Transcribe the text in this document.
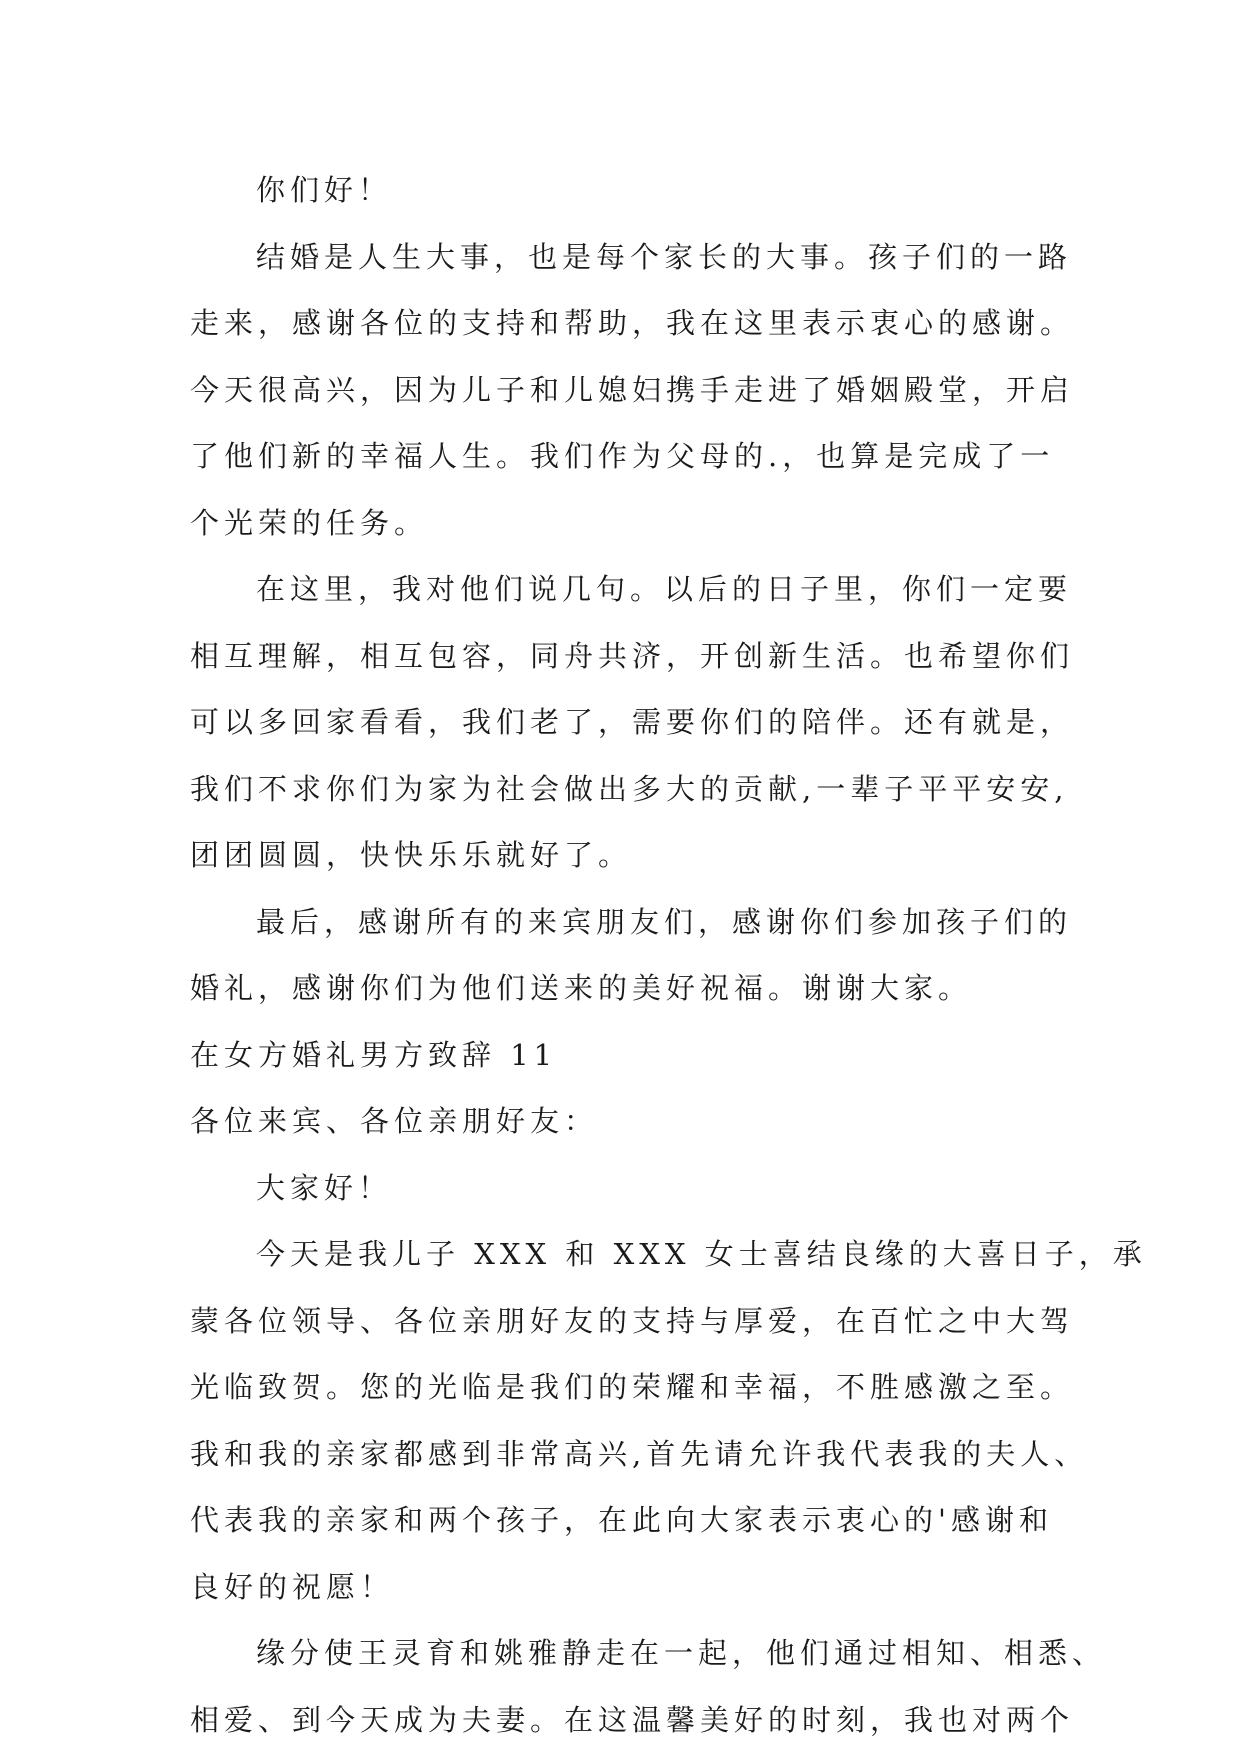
你们好！
结婚是人生大事，也是每个家长的大事。孩子们的一路
走来，感谢各位的支持和帮助，我在这里表示衷心的感谢。
今天很高兴，因为儿子和儿媳妇携手走进了婚姻殿堂，开启
了他们新的幸福人生。我们作为父母的.，也算是完成了一
个光荣的任务。
在这里，我对他们说几句。以后的日子里，你们一定要
相互理解，相互包容，同舟共济，开创新生活。也希望你们
可以多回家看看，我们老了，需要你们的陪伴。还有就是，
我们不求你们为家为社会做出多大的贡献,一辈子平平安安,
团团圆圆，快快乐乐就好了。
最后，感谢所有的来宾朋友们，感谢你们参加孩子们的
婚礼，感谢你们为他们送来的美好祝福。谢谢大家。
在女方婚礼男方致辞 11
各位来宾、各位亲朋好友：
大家好！
今天是我儿子 XXX 和 XXX 女士喜结良缘的大喜日子，承
蒙各位领导、各位亲朋好友的支持与厚爱，在百忙之中大驾
光临致贺。您的光临是我们的荣耀和幸福，不胜感激之至。
我和我的亲家都感到非常高兴,首先请允许我代表我的夫人、
代表我的亲家和两个孩子，在此向大家表示衷心的'感谢和
良好的祝愿！
缘分使王灵育和姚雅静走在一起，他们通过相知、相悉、
相爱、到今天成为夫妻。在这温馨美好的时刻，我也对两个
